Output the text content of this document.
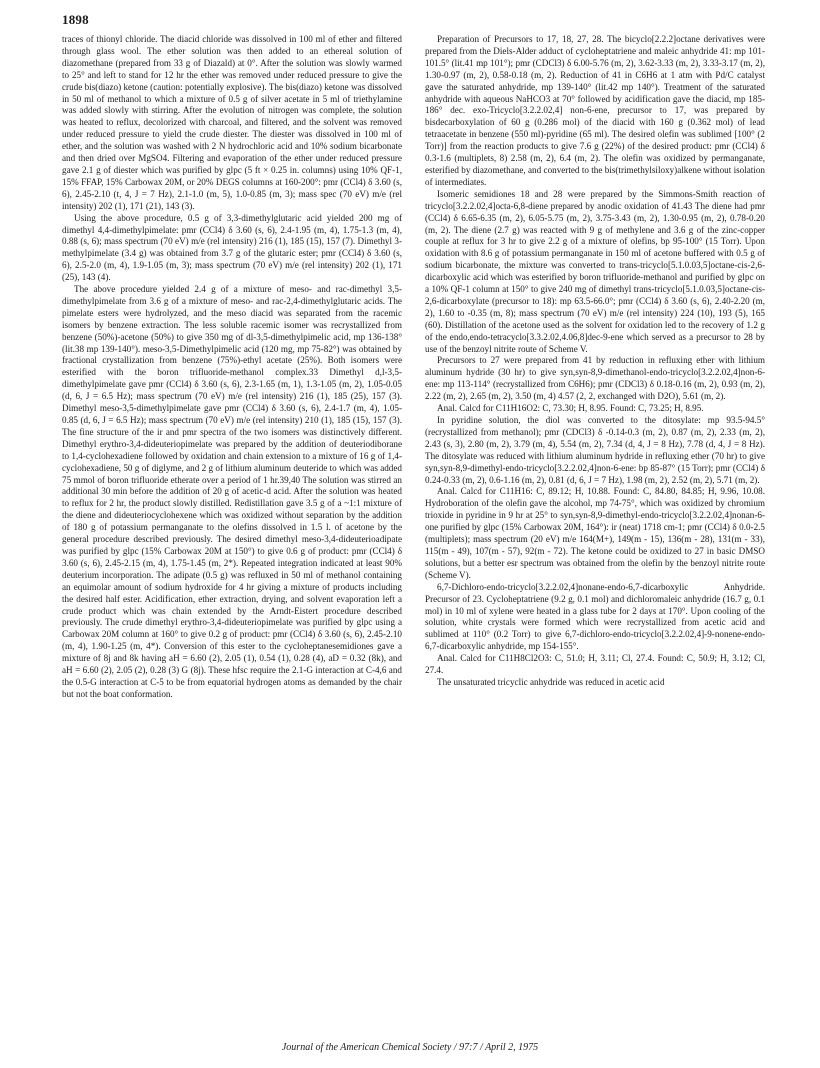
1898

traces of thionyl chloride. The diacid chloride was dissolved in 100 ml of ether and filtered through glass wool. The ether solution was then added to an ethereal solution of diazomethane (prepared from 33 g of Diazald) at 0°. After the solution was slowly warmed to 25° and left to stand for 12 hr the ether was removed under reduced pressure to give the crude bis(diazo) ketone (caution: potentially explosive). The bis(diazo) ketone was dissolved in 50 ml of methanol to which a mixture of 0.5 g of silver acetate in 5 ml of triethylamine was added slowly with stirring. After the evolution of nitrogen was complete, the solution was heated to reflux, decolorized with charcoal, and filtered, and the solvent was removed under reduced pressure to yield the crude diester. The diester was dissolved in 100 ml of ether, and the solution was washed with 2 N hydrochloric acid and 10% sodium bicarbonate and then dried over MgSO4. Filtering and evaporation of the ether under reduced pressure gave 2.1 g of diester which was purified by glpc (5 ft × 0.25 in. columns) using 10% QF-1, 15% FFAP, 15% Carbowax 20M, or 20% DEGS columns at 160-200°: pmr (CCl4) δ 3.60 (s, 6), 2.45-2.10 (t, 4, J = 7 Hz), 2.1-1.0 (m, 5), 1.0-0.85 (m, 3); mass spec (70 eV) m/e (rel intensity) 202 (1), 171 (21), 143 (3).

Using the above procedure, 0.5 g of 3,3-dimethylglutaric acid yielded 200 mg of dimethyl 4,4-dimethylpimelate: pmr (CCl4) δ 3.60 (s, 6), 2.4-1.95 (m, 4), 1.75-1.3 (m, 4), 0.88 (s, 6); mass spectrum (70 eV) m/e (rel intensity) 216 (1), 185 (15), 157 (7). Dimethyl 3-methylpimelate (3.4 g) was obtained from 3.7 g of the glutaric ester; pmr (CCl4) δ 3.60 (s, 6), 2.5-2.0 (m, 4), 1.9-1.05 (m, 3); mass spectrum (70 eV) m/e (rel intensity) 202 (1), 171 (25), 143 (4).

The above procedure yielded 2.4 g of a mixture of meso- and rac-dimethyl 3,5-dimethylpimelate from 3.6 g of a mixture of meso- and rac-2,4-dimethylglutaric acids. The pimelate esters were hydrolyzed, and the meso diacid was separated from the racemic isomers by benzene extraction. The less soluble racemic isomer was recrystallized from benzene (50%)-acetone (50%) to give 350 mg of dl-3,5-dimethylpimelic acid, mp 136-138° (lit.38 mp 139-140°). meso-3,5-Dimethylpimelic acid (120 mg, mp 75-82°) was obtained by fractional crystallization from benzene (75%)-ethyl acetate (25%). Both isomers were esterified with the boron trifluoride-methanol complex.33 Dimethyl d,l-3,5-dimethylpimelate gave pmr (CCl4) δ 3.60 (s, 6), 2.3-1.65 (m, 1), 1.3-1.05 (m, 2), 1.05-0.05 (d, 6, J = 6.5 Hz); mass spectrum (70 eV) m/e (rel intensity) 216 (1), 185 (25), 157 (3). Dimethyl meso-3,5-dimethylpimelate gave pmr (CCl4) δ 3.60 (s, 6), 2.4-1.7 (m, 4), 1.05-0.85 (d, 6, J = 6.5 Hz); mass spectrum (70 eV) m/e (rel intensity) 210 (1), 185 (15), 157 (3). The fine structure of the ir and pmr spectra of the two isomers was distinctively different. Dimethyl erythro-3,4-dideuteriopimelate was prepared by the addition of deuteriodiborane to 1,4-cyclohexadiene followed by oxidation and chain extension to a mixture of 16 g of 1,4-cyclohexadiene, 50 g of diglyme, and 2 g of lithium aluminum deuteride to which was added 75 mmol of boron trifluoride etherate over a period of 1 hr.39,40 The solution was stirred an additional 30 min before the addition of 20 g of acetic-d acid. After the solution was heated to reflux for 2 hr, the product slowly distilled. Redistillation gave 3.5 g of a ~1:1 mixture of the diene and dideuteriocyclohexene which was oxidized without separation by the addition of 180 g of potassium permanganate to the olefins dissolved in 1.5 l. of acetone by the general procedure described previously. The desired dimethyl meso-3,4-dideuterioadipate was purified by glpc (15% Carbowax 20M at 150°) to give 0.6 g of product: pmr (CCl4) δ 3.60 (s, 6), 2.45-2.15 (m, 4), 1.75-1.45 (m, 2*). Repeated integration indicated at least 90% deuterium incorporation. The adipate (0.5 g) was refluxed in 50 ml of methanol containing an equimolar amount of sodium hydroxide for 4 hr giving a mixture of products including the desired half ester. Acidification, ether extraction, drying, and solvent evaporation left a crude product which was chain extended by the Arndt-Eistert procedure described previously. The crude dimethyl erythro-3,4-dideuteriopimelate was purified by glpc using a Carbowax 20M column at 160° to give 0.2 g of product: pmr (CCl4) δ 3.60 (s, 6), 2.45-2.10 (m, 4), 1.90-1.25 (m, 4*). Conversion of this ester to the cycloheptanesemidiones gave a mixture of 8j and 8k having aH = 6.60 (2), 2.05 (1), 0.54 (1), 0.28 (4), aD = 0.32 (8k), and aH = 6.60 (2), 2.05 (2), 0.28 (3) G (8j). These hfsc require the 2.1-G interaction at C-4,6 and the 0.5-G interaction at C-5 to be from equatorial hydrogen atoms as demanded by the chair but not the boat conformation.

Preparation of Precursors to 17, 18, 27, 28. The bicyclo[2.2.2]octane derivatives were prepared from the Diels-Alder adduct of cycloheptatriene and maleic anhydride 41: mp 101-101.5° (lit.41 mp 101°); pmr (CDCl3) δ 6.00-5.76 (m, 2), 3.62-3.33 (m, 2), 3.33-3.17 (m, 2), 1.30-0.97 (m, 2), 0.58-0.18 (m, 2). Reduction of 41 in C6H6 at 1 atm with Pd/C catalyst gave the saturated anhydride, mp 139-140° (lit.42 mp 140°). Treatment of the saturated anhydride with aqueous NaHCO3 at 70° followed by acidification gave the diacid, mp 185-186° dec. exo-Tricyclo[3.2.2.02,4] non-6-ene, precursor to 17, was prepared by bisdecarboxylation of 60 g (0.286 mol) of the diacid with 160 g (0.362 mol) of lead tetraacetate in benzene (550 ml)-pyridine (65 ml). The desired olefin was sublimed [100° (2 Torr)] from the reaction products to give 7.6 g (22%) of the desired product: pmr (CCl4) δ 0.3-1.6 (multiplets, 8) 2.58 (m, 2), 6.4 (m, 2). The olefin was oxidized by permanganate, esterified by diazomethane, and converted to the bis(trimethylsiloxy)alkene without isolation of intermediates.

Isomeric semidiones 18 and 28 were prepared by the Simmons-Smith reaction of tricyclo[3.2.2.02,4]octa-6,8-diene prepared by anodic oxidation of 41.43 The diene had pmr (CCl4) δ 6.65-6.35 (m, 2), 6.05-5.75 (m, 2), 3.75-3.43 (m, 2), 1.30-0.95 (m, 2), 0.78-0.20 (m, 2). The diene (2.7 g) was reacted with 9 g of methylene and 3.6 g of the zinc-copper couple at reflux for 3 hr to give 2.2 g of a mixture of olefins, bp 95-100° (15 Torr). Upon oxidation with 8.6 g of potassium permanganate in 150 ml of acetone buffered with 0.5 g of sodium bicarbonate, the mixture was converted to trans-tricyclo[5.1.0.03,5]octane-cis-2,6-dicarboxylic acid which was esterified by boron trifluoride-methanol and purified by glpc on a 10% QF-1 column at 150° to give 240 mg of dimethyl trans-tricyclo[5.1.0.03,5]octane-cis-2,6-dicarboxylate (precursor to 18): mp 63.5-66.0°; pmr (CCl4) δ 3.60 (s, 6), 2.40-2.20 (m, 2), 1.60 to -0.35 (m, 8); mass spectrum (70 eV) m/e (rel intensity) 224 (10), 193 (5), 165 (60). Distillation of the acetone used as the solvent for oxidation led to the recovery of 1.2 g of the endo,endo-tetracyclo[3.3.2.02,4.06,8]dec-9-ene which served as a precursor to 28 by use of the benzoyl nitrite route of Scheme V.

Precursors to 27 were prepared from 41 by reduction in refluxing ether with lithium aluminum hydride (30 hr) to give syn,syn-8,9-dimethanol-endo-tricyclo[3.2.2.02,4]non-6-ene: mp 113-114° (recrystallized from C6H6); pmr (CDCl3) δ 0.18-0.16 (m, 2), 0.93 (m, 2), 2.22 (m, 2), 2.65 (m, 2), 3.50 (m, 4) 4.57 (2, 2, exchanged with D2O), 5.61 (m, 2).

Anal. Calcd for C11H16O2: C, 73.30; H, 8.95. Found: C, 73.25; H, 8.95.

In pyridine solution, the diol was converted to the ditosylate: mp 93.5-94.5° (recrystallized from methanol); pmr (CDCl3) δ -0.14-0.3 (m, 2), 0.87 (m, 2), 2.33 (m, 2), 2.43 (s, 3), 2.80 (m, 2), 3.79 (m, 4), 5.54 (m, 2), 7.34 (d, 4, J = 8 Hz), 7.78 (d, 4, J = 8 Hz). The ditosylate was reduced with lithium aluminum hydride in refluxing ether (70 hr) to give syn,syn-8,9-dimethyl-endo-tricyclo[3.2.2.02,4]non-6-ene: bp 85-87° (15 Torr); pmr (CCl4) δ 0.24-0.33 (m, 2), 0.6-1.16 (m, 2), 0.81 (d, 6, J = 7 Hz), 1.98 (m, 2), 2.52 (m, 2), 5.71 (m, 2).

Anal. Calcd for C11H16: C, 89.12; H, 10.88. Found: C, 84.80, 84.85; H, 9.96, 10.08. Hydroboration of the olefin gave the alcohol, mp 74-75°, which was oxidized by chromium trioxide in pyridine in 9 hr at 25° to syn,syn-8,9-dimethyl-endo-tricyclo[3.2.2.02,4]nonan-6-one purified by glpc (15% Carbowax 20M, 164°): ir (neat) 1718 cm-1; pmr (CCl4) δ 0.0-2.5 (multiplets); mass spectrum (20 eV) m/e 164(M+), 149(m - 15), 136(m - 28), 131(m - 33), 115(m - 49), 107(m - 57), 92(m - 72). The ketone could be oxidized to 27 in basic DMSO solutions, but a better esr spectrum was obtained from the olefin by the benzoyl nitrite route (Scheme V).

6,7-Dichloro-endo-tricyclo[3.2.2.02,4]nonane-endo-6,7-dicarboxylic Anhydride. Precursor of 23. Cycloheptatriene (9.2 g, 0.1 mol) and dichloromaleic anhydride (16.7 g, 0.1 mol) in 10 ml of xylene were heated in a glass tube for 2 days at 170°. Upon cooling of the solution, white crystals were formed which were recrystallized from acetic acid and sublimed at 110° (0.2 Torr) to give 6,7-dichloro-endo-tricyclo[3.2.2.02,4]-9-nonene-endo-6,7-dicarboxylic anhydride, mp 154-155°.

Anal. Calcd for C11H8Cl2O3: C, 51.0; H, 3.11; Cl, 27.4. Found: C, 50.9; H, 3.12; Cl, 27.4.

The unsaturated tricyclic anhydride was reduced in acetic acid

Journal of the American Chemical Society / 97:7 / April 2, 1975
